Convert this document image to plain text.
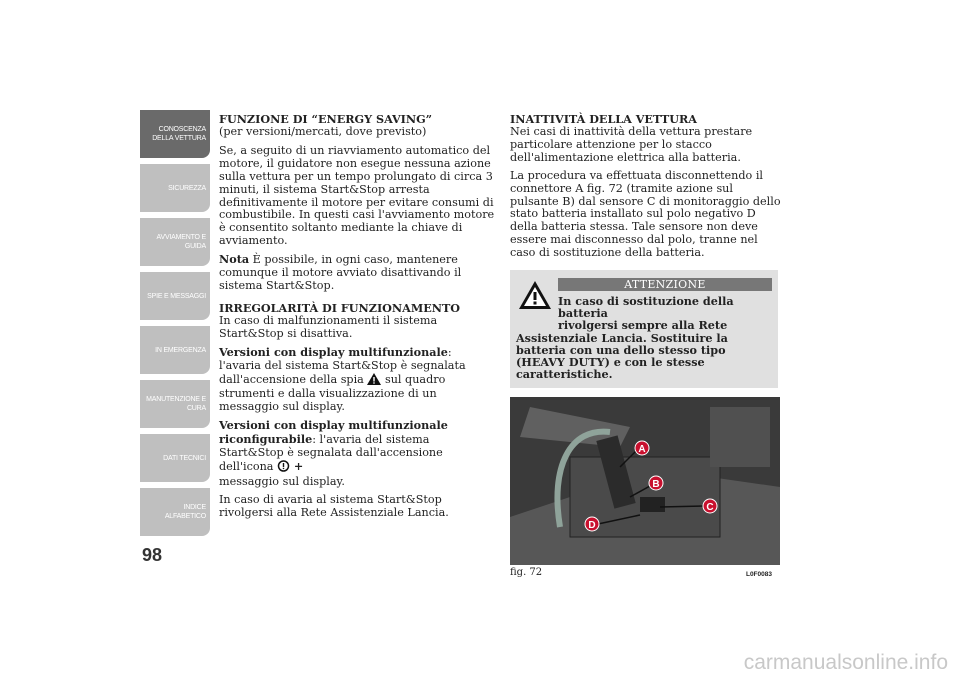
CONOSCENZA
DELLA VETTURA
SICUREZZA
AVVIAMENTO E
GUIDA
SPIE E MESSAGGI
IN EMERGENZA
MANUTENZIONE E
CURA
DATI TECNICI
INDICE
ALFABETICO
98
FUNZIONE DI “ENERGY SAVING”

(per versioni/mercati, dove previsto)

Se, a seguito di un riavviamento automatico del motore, il guidatore non esegue nessuna azione sulla vettura per un tempo prolungato di circa 3 minuti, il sistema Start&Stop arresta definitivamente il motore per evitare consumi di combustibile. In questi casi l'avviamento motore è consentito soltanto mediante la chiave di avviamento.

Nota È possibile, in ogni caso, mantenere comunque il motore avviato disattivando il sistema Start&Stop.

IRREGOLARITÀ DI FUNZIONAMENTO

In caso di malfunzionamenti il sistema Start&Stop si disattiva.

Versioni con display multifunzionale: l'avaria del sistema Start&Stop è segnalata dall'accensione della spia  sul quadro strumenti e dalla visualizzazione di un messaggio sul display.

Versioni con display multifunzionale riconfigurabile: l'avaria del sistema Start&Stop è segnalata dall'accensione dell'icona  +
messaggio sul display.

In caso di avaria al sistema Start&Stop rivolgersi alla Rete Assistenziale Lancia.

INATTIVITÀ DELLA VETTURA

Nei casi di inattività della vettura prestare particolare attenzione per lo stacco dell'alimentazione elettrica alla batteria.

La procedura va effettuata disconnettendo il connettore A fig. 72 (tramite azione sul pulsante B) dal sensore C di monitoraggio dello stato batteria installato sul polo negativo D della batteria stessa. Tale sensore non deve essere mai disconnesso dal polo, tranne nel caso di sostituzione della batteria.

ATTENZIONE
In caso di sostituzione della batteria
rivolgersi sempre alla Rete
Assistenziale Lancia. Sostituire la batteria con una dello stesso tipo (HEAVY DUTY) e con le stesse caratteristiche.
A
B
C
D
fig. 72	L0F0083
carmanualsonline.info
